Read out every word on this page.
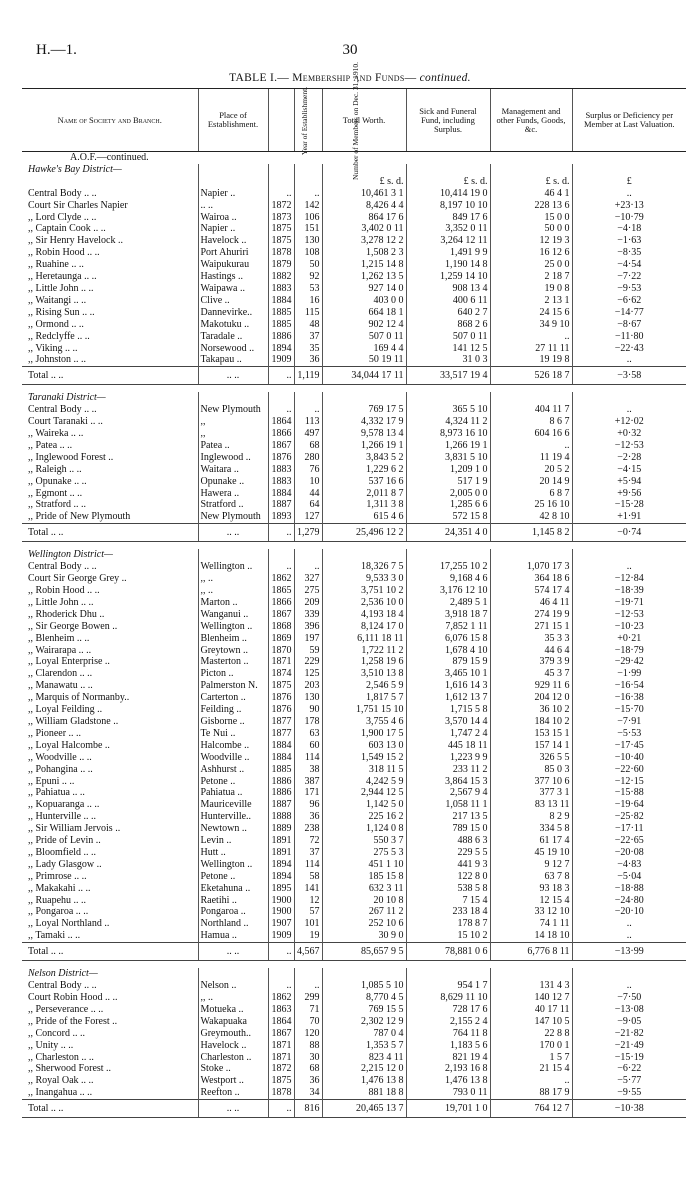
H.—1.	30
TABLE I.— Membership and Funds— continued.
Name of Society and Branch.	Place of Establishment.	Year of Establishment.	Number of Members on Dec. 31, 1910.	Total Worth.	Sick and Funeral Fund, including Surplus.	Management and other Funds, Goods, &c.	Surplus or Deficiency per Member at Last Valuation.
A.O.F.—continued.							
Hawke's Bay District—							
				£ s. d.	£ s. d.	£ s. d.	£
Central Body .. ..	Napier ..	..	..	10,461 3 1	10,414 19 0	46 4 1	..
Court Sir Charles Napier	.. ..	1872	142	8,426 4 4	8,197 10 10	228 13 6	+23·13
,, Lord Clyde .. ..	Wairoa ..	1873	106	864 17 6	849 17 6	15 0 0	−10·79
,, Captain Cook .. ..	Napier ..	1875	151	3,402 0 11	3,352 0 11	50 0 0	−4·18
,, Sir Henry Havelock ..	Havelock ..	1875	130	3,278 12 2	3,264 12 11	12 19 3	−1·63
,, Robin Hood .. ..	Port Ahuriri	1878	108	1,508 2 3	1,491 9 9	16 12 6	−8·35
,, Ruahine .. ..	Waipukurau	1879	50	1,215 14 8	1,190 14 8	25 0 0	−4·54
,, Heretaunga .. ..	Hastings ..	1882	92	1,262 13 5	1,259 14 10	2 18 7	−7·22
,, Little John .. ..	Waipawa ..	1883	53	927 14 0	908 13 4	19 0 8	−9·53
,, Waitangi .. ..	Clive ..	1884	16	403 0 0	400 6 11	2 13 1	−6·62
,, Rising Sun .. ..	Dannevirke..	1885	115	664 18 1	640 2 7	24 15 6	−14·77
,, Ormond .. ..	Makotuku ..	1885	48	902 12 4	868 2 6	34 9 10	−8·67
,, Redclyffe .. ..	Taradale ..	1886	37	507 0 11	507 0 11	..	−11·80
,, Viking .. ..	Norsewood ..	1894	35	169 4 4	141 12 5	27 11 11	−22·43
,, Johnston .. ..	Takapau ..	1909	36	50 19 11	31 0 3	19 19 8	..
Total .. ..	.. ..	..	1,119	34,044 17 11	33,517 19 4	526 18 7	−3·58

Taranaki District—							
Central Body .. ..	New Plymouth	..	..	769 17 5	365 5 10	404 11 7	..
Court Taranaki .. ..	,,	1864	113	4,332 17 9	4,324 11 2	8 6 7	+12·02
,, Waireka .. ..	,,	1866	497	9,578 13 4	8,973 16 10	604 16 6	+0·32
,, Patea .. ..	Patea ..	1867	68	1,266 19 1	1,266 19 1	..	−12·53
,, Inglewood Forest ..	Inglewood ..	1876	280	3,843 5 2	3,831 5 10	11 19 4	−2·28
,, Raleigh .. ..	Waitara ..	1883	76	1,229 6 2	1,209 1 0	20 5 2	−4·15
,, Opunake .. ..	Opunake ..	1883	10	537 16 6	517 1 9	20 14 9	+5·94
,, Egmont .. ..	Hawera ..	1884	44	2,011 8 7	2,005 0 0	6 8 7	+9·56
,, Stratford .. ..	Stratford ..	1887	64	1,311 3 8	1,285 6 6	25 16 10	−15·28
,, Pride of New Plymouth	New Plymouth	1893	127	615 4 6	572 15 8	42 8 10	+1·91
Total .. ..	.. ..	..	1,279	25,496 12 2	24,351 4 0	1,145 8 2	−0·74

Wellington District—							
Central Body .. ..	Wellington ..	..	..	18,326 7 5	17,255 10 2	1,070 17 3	..
Court Sir George Grey ..	,, ..	1862	327	9,533 3 0	9,168 4 6	364 18 6	−12·84
,, Robin Hood .. ..	,, ..	1865	275	3,751 10 2	3,176 12 10	574 17 4	−18·39
,, Little John .. ..	Marton ..	1866	209	2,536 10 0	2,489 5 1	46 4 11	−19·71
,, Rhoderick Dhu ..	Wanganui ..	1867	339	4,193 18 4	3,918 18 7	274 19 9	−12·53
,, Sir George Bowen ..	Wellington ..	1868	396	8,124 17 0	7,852 1 11	271 15 1	−10·23
,, Blenheim .. ..	Blenheim ..	1869	197	6,111 18 11	6,076 15 8	35 3 3	+0·21
,, Wairarapa .. ..	Greytown ..	1870	59	1,722 11 2	1,678 4 10	44 6 4	−18·79
,, Loyal Enterprise ..	Masterton ..	1871	229	1,258 19 6	879 15 9	379 3 9	−29·42
,, Clarendon .. ..	Picton ..	1874	125	3,510 13 8	3,465 10 1	45 3 7	−1·99
,, Manawatu .. ..	Palmerston N.	1875	203	2,546 5 9	1,616 14 3	929 11 6	−16·54
,, Marquis of Normanby..	Carterton ..	1876	130	1,817 5 7	1,612 13 7	204 12 0	−16·38
,, Loyal Feilding ..	Feilding ..	1876	90	1,751 15 10	1,715 5 8	36 10 2	−15·70
,, William Gladstone ..	Gisborne ..	1877	178	3,755 4 6	3,570 14 4	184 10 2	−7·91
,, Pioneer .. ..	Te Nui ..	1877	63	1,900 17 5	1,747 2 4	153 15 1	−5·53
,, Loyal Halcombe ..	Halcombe ..	1884	60	603 13 0	445 18 11	157 14 1	−17·45
,, Woodville .. ..	Woodville ..	1884	114	1,549 15 2	1,223 9 9	326 5 5	−10·40
,, Pohangina .. ..	Ashhurst ..	1885	38	318 11 5	233 11 2	85 0 3	−22·60
,, Epuni .. ..	Petone ..	1886	387	4,242 5 9	3,864 15 3	377 10 6	−12·15
,, Pahiatua .. ..	Pahiatua ..	1886	171	2,944 12 5	2,567 9 4	377 3 1	−15·88
,, Kopuaranga .. ..	Mauriceville	1887	96	1,142 5 0	1,058 11 1	83 13 11	−19·64
,, Hunterville .. ..	Hunterville..	1888	36	225 16 2	217 13 5	8 2 9	−25·82
,, Sir William Jervois ..	Newtown ..	1889	238	1,124 0 8	789 15 0	334 5 8	−17·11
,, Pride of Levin ..	Levin ..	1891	72	550 3 7	488 6 3	61 17 4	−22·65
,, Bloomfield .. ..	Hutt ..	1891	37	275 5 3	229 5 5	45 19 10	−20·08
,, Lady Glasgow ..	Wellington ..	1894	114	451 1 10	441 9 3	9 12 7	−4·83
,, Primrose .. ..	Petone ..	1894	58	185 15 8	122 8 0	63 7 8	−5·04
,, Makakahi .. ..	Eketahuna ..	1895	141	632 3 11	538 5 8	93 18 3	−18·88
,, Ruapehu .. ..	Raetihi ..	1900	12	20 10 8	7 15 4	12 15 4	−24·80
,, Pongaroa .. ..	Pongaroa ..	1900	57	267 11 2	233 18 4	33 12 10	−20·10
,, Loyal Northland ..	Northland ..	1907	101	252 10 6	178 8 7	74 1 11	..
,, Tamaki .. ..	Hamua ..	1909	19	30 9 0	15 10 2	14 18 10	..
Total .. ..	.. ..	..	4,567	85,657 9 5	78,881 0 6	6,776 8 11	−13·99

Nelson District—							
Central Body .. ..	Nelson ..	..	..	1,085 5 10	954 1 7	131 4 3	..
Court Robin Hood .. ..	,, ..	1862	299	8,770 4 5	8,629 11 10	140 12 7	−7·50
,, Perseverance .. ..	Motueka ..	1863	71	769 15 5	728 17 6	40 17 11	−13·08
,, Pride of the Forest ..	Wakapuaka	1864	70	2,302 12 9	2,155 2 4	147 10 5	−9·05
,, Concord .. ..	Greymouth..	1867	120	787 0 4	764 11 8	22 8 8	−21·82
,, Unity .. ..	Havelock ..	1871	88	1,353 5 7	1,183 5 6	170 0 1	−21·49
,, Charleston .. ..	Charleston ..	1871	30	823 4 11	821 19 4	1 5 7	−15·19
,, Sherwood Forest ..	Stoke ..	1872	68	2,215 12 0	2,193 16 8	21 15 4	−6·22
,, Royal Oak .. ..	Westport ..	1875	36	1,476 13 8	1,476 13 8	..	−5·77
,, Inangahua .. ..	Reefton ..	1878	34	881 18 8	793 0 11	88 17 9	−9·55
Total .. ..	.. ..	..	816	20,465 13 7	19,701 1 0	764 12 7	−10·38
